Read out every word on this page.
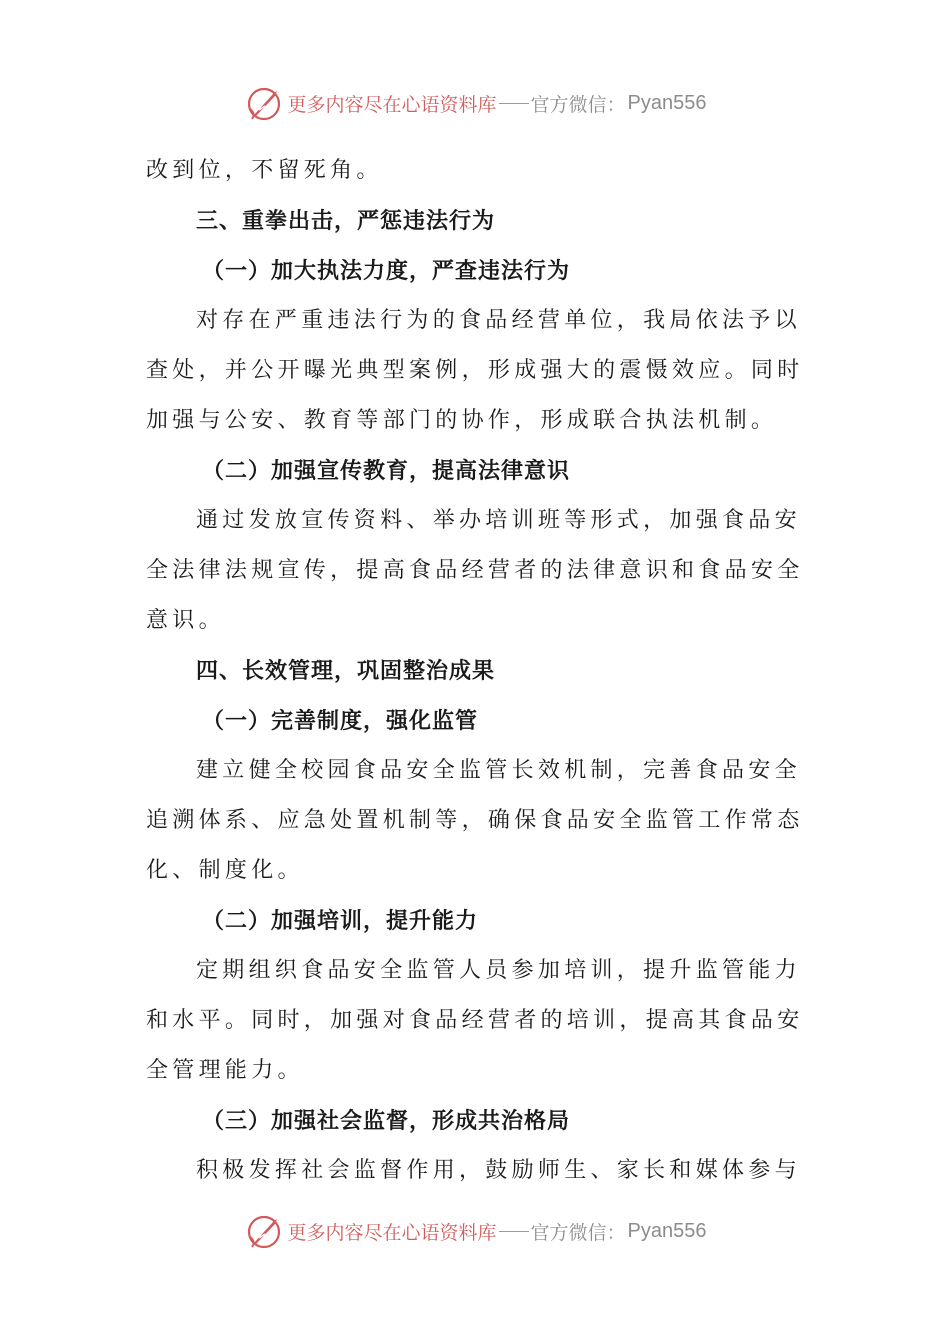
更多内容尽在心语资料库 官方微信： Pyan556
改到位，不留死角。
三、重拳出击，严惩违法行为
（一）加大执法力度，严查违法行为
对存在严重违法行为的食品经营单位，我局依法予以
查处，并公开曝光典型案例，形成强大的震慑效应。同时
加强与公安、教育等部门的协作，形成联合执法机制。
（二）加强宣传教育，提高法律意识
通过发放宣传资料、举办培训班等形式，加强食品安
全法律法规宣传，提高食品经营者的法律意识和食品安全
意识。
四、长效管理，巩固整治成果
（一）完善制度，强化监管
建立健全校园食品安全监管长效机制，完善食品安全
追溯体系、应急处置机制等，确保食品安全监管工作常态
化、制度化。
（二）加强培训，提升能力
定期组织食品安全监管人员参加培训，提升监管能力
和水平。同时，加强对食品经营者的培训，提高其食品安
全管理能力。
（三）加强社会监督，形成共治格局
积极发挥社会监督作用，鼓励师生、家长和媒体参与
更多内容尽在心语资料库 官方微信： Pyan556
